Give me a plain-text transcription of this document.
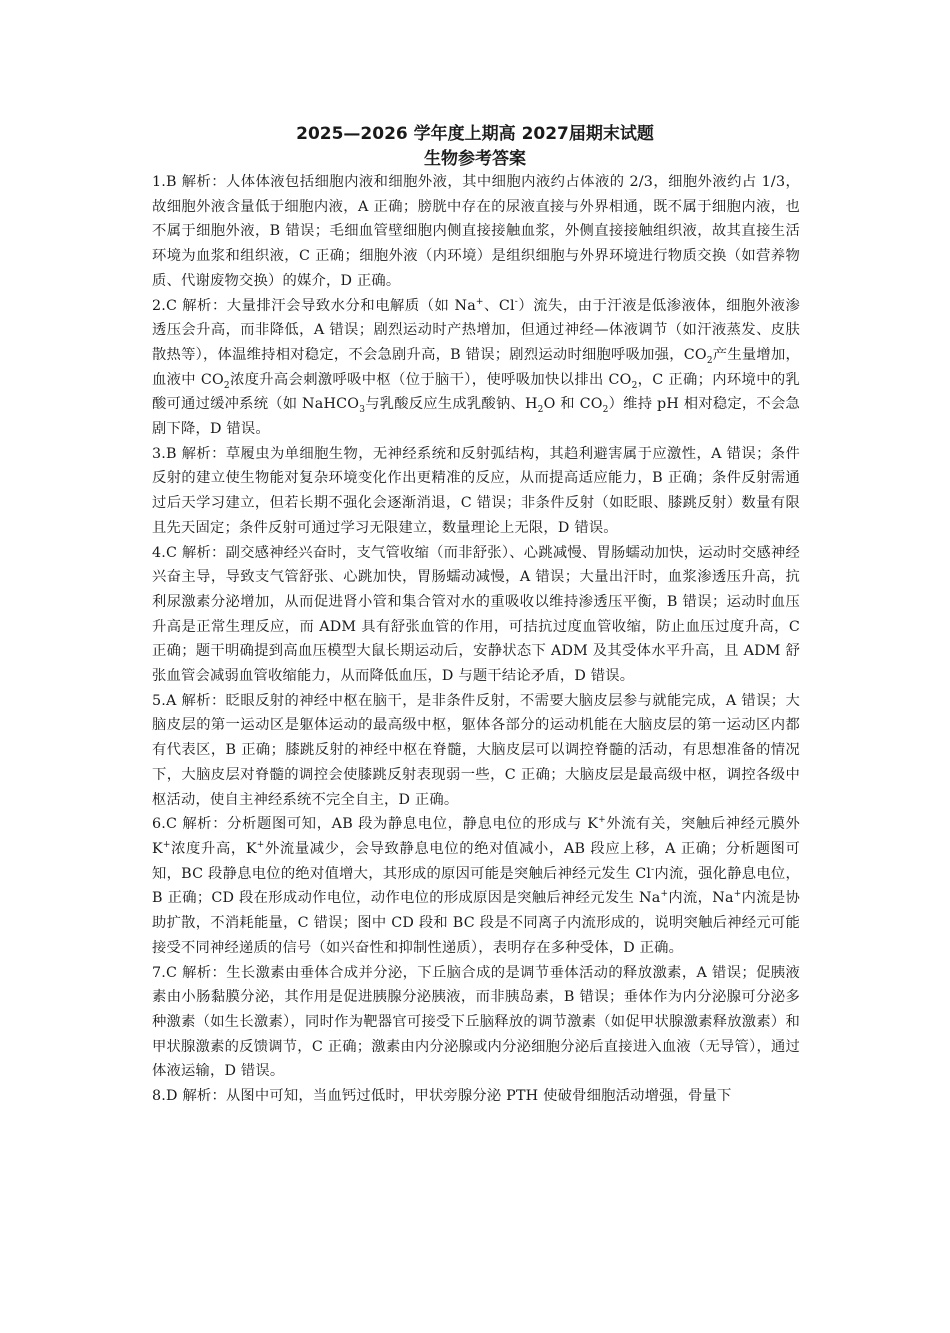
2025—2026 学年度上期高 2027届期末试题

生物参考答案

1.B 解析：人体体液包括细胞内液和细胞外液，其中细胞内液约占体液的 2/3，细胞外液约占 1/3，故细胞外液含量低于细胞内液，A 正确；膀胱中存在的尿液直接与外界相通，既不属于细胞内液，也不属于细胞外液，B 错误；毛细血管壁细胞内侧直接接触血浆，外侧直接接触组织液，故其直接生活环境为血浆和组织液，C 正确；细胞外液（内环境）是组织细胞与外界环境进行物质交换（如营养物质、代谢废物交换）的媒介，D 正确。

2.C 解析：大量排汗会导致水分和电解质（如 Na+、Cl-）流失，由于汗液是低渗液体，细胞外液渗透压会升高，而非降低，A 错误；剧烈运动时产热增加，但通过神经—体液调节（如汗液蒸发、皮肤散热等），体温维持相对稳定，不会急剧升高，B 错误；剧烈运动时细胞呼吸加强，$CO_2$产生量增加，血液中 $CO_2$浓度升高会刺激呼吸中枢（位于脑干），使呼吸加快以排出 $CO_2$，C 正确；内环境中的乳酸可通过缓冲系统（如 NaHCO$_3$与乳酸反应生成乳酸钠、$H_2O$ 和 $CO_2$）维持 pH 相对稳定，不会急剧下降，D 错误。

3.B 解析：草履虫为单细胞生物，无神经系统和反射弧结构，其趋利避害属于应激性，A 错误；条件反射的建立使生物能对复杂环境变化作出更精准的反应，从而提高适应能力，B 正确；条件反射需通过后天学习建立，但若长期不强化会逐渐消退，C 错误；非条件反射（如眨眼、膝跳反射）数量有限且先天固定；条件反射可通过学习无限建立，数量理论上无限，D 错误。

4.C 解析：副交感神经兴奋时，支气管收缩（而非舒张）、心跳减慢、胃肠蠕动加快，运动时交感神经兴奋主导，导致支气管舒张、心跳加快，胃肠蠕动减慢，A 错误；大量出汗时，血浆渗透压升高，抗利尿激素分泌增加，从而促进肾小管和集合管对水的重吸收以维持渗透压平衡，B 错误；运动时血压升高是正常生理反应，而 ADM 具有舒张血管的作用，可拮抗过度血管收缩，防止血压过度升高，C 正确；题干明确提到高血压模型大鼠长期运动后，安静状态下 ADM 及其受体水平升高，且 ADM 舒张血管会减弱血管收缩能力，从而降低血压，D 与题干结论矛盾，D 错误。

5.A 解析：眨眼反射的神经中枢在脑干，是非条件反射，不需要大脑皮层参与就能完成，A 错误；大脑皮层的第一运动区是躯体运动的最高级中枢，躯体各部分的运动机能在大脑皮层的第一运动区内都有代表区，B 正确；膝跳反射的神经中枢在脊髓，大脑皮层可以调控脊髓的活动，有思想准备的情况下，大脑皮层对脊髓的调控会使膝跳反射表现弱一些，C 正确；大脑皮层是最高级中枢，调控各级中枢活动，使自主神经系统不完全自主，D 正确。

6.C 解析：分析题图可知，AB 段为静息电位，静息电位的形成与 K+外流有关，突触后神经元膜外 K+浓度升高，K+外流量减少，会导致静息电位的绝对值减小，AB 段应上移，A 正确；分析题图可知，BC 段静息电位的绝对值增大，其形成的原因可能是突触后神经元发生 Cl-内流，强化静息电位，B 正确；CD 段在形成动作电位，动作电位的形成原因是突触后神经元发生 Na+内流，Na+内流是协助扩散，不消耗能量，C 错误；图中 CD 段和 BC 段是不同离子内流形成的，说明突触后神经元可能接受不同神经递质的信号（如兴奋性和抑制性递质），表明存在多种受体，D 正确。

7.C 解析：生长激素由垂体合成并分泌，下丘脑合成的是调节垂体活动的释放激素，A 错误；促胰液素由小肠黏膜分泌，其作用是促进胰腺分泌胰液，而非胰岛素，B 错误；垂体作为内分泌腺可分泌多种激素（如生长激素），同时作为靶器官可接受下丘脑释放的调节激素（如促甲状腺激素释放激素）和甲状腺激素的反馈调节，C 正确；激素由内分泌腺或内分泌细胞分泌后直接进入血液（无导管），通过体液运输，D 错误。

8.D 解析：从图中可知，当血钙过低时，甲状旁腺分泌 PTH 使破骨细胞活动增强，骨量下
